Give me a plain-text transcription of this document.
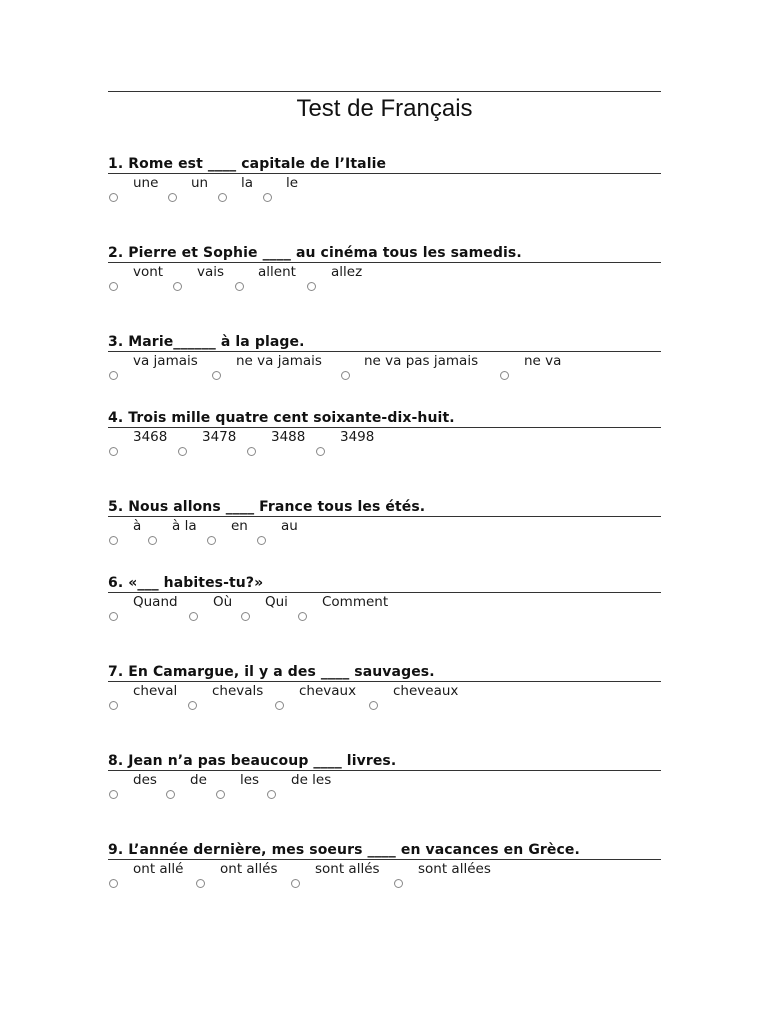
Test de Français
1. Rome est ____ capitale de l’Italie
une un la le
2. Pierre et Sophie ____ au cinéma tous les samedis.
vont	vais	allent	allez
3. Marie______ à la plage.
va jamais	ne va jamais	ne va pas jamais	ne va
4. Trois mille quatre cent soixante-dix-huit.
3468	3478	3488	3498
5. Nous allons ____ France tous les étés.
à à la	en au
6. «___ habites-tu?»
Quand	Où Qui	Comment
7. En Camargue, il y a des ____ sauvages.
cheval	chevals	chevaux	cheveaux
8. Jean n’a pas beaucoup ____ livres.
des de les de les
9. L’année dernière, mes soeurs ____ en vacances en Grèce.
ont allé	ont allés	sont allés	sont allées
